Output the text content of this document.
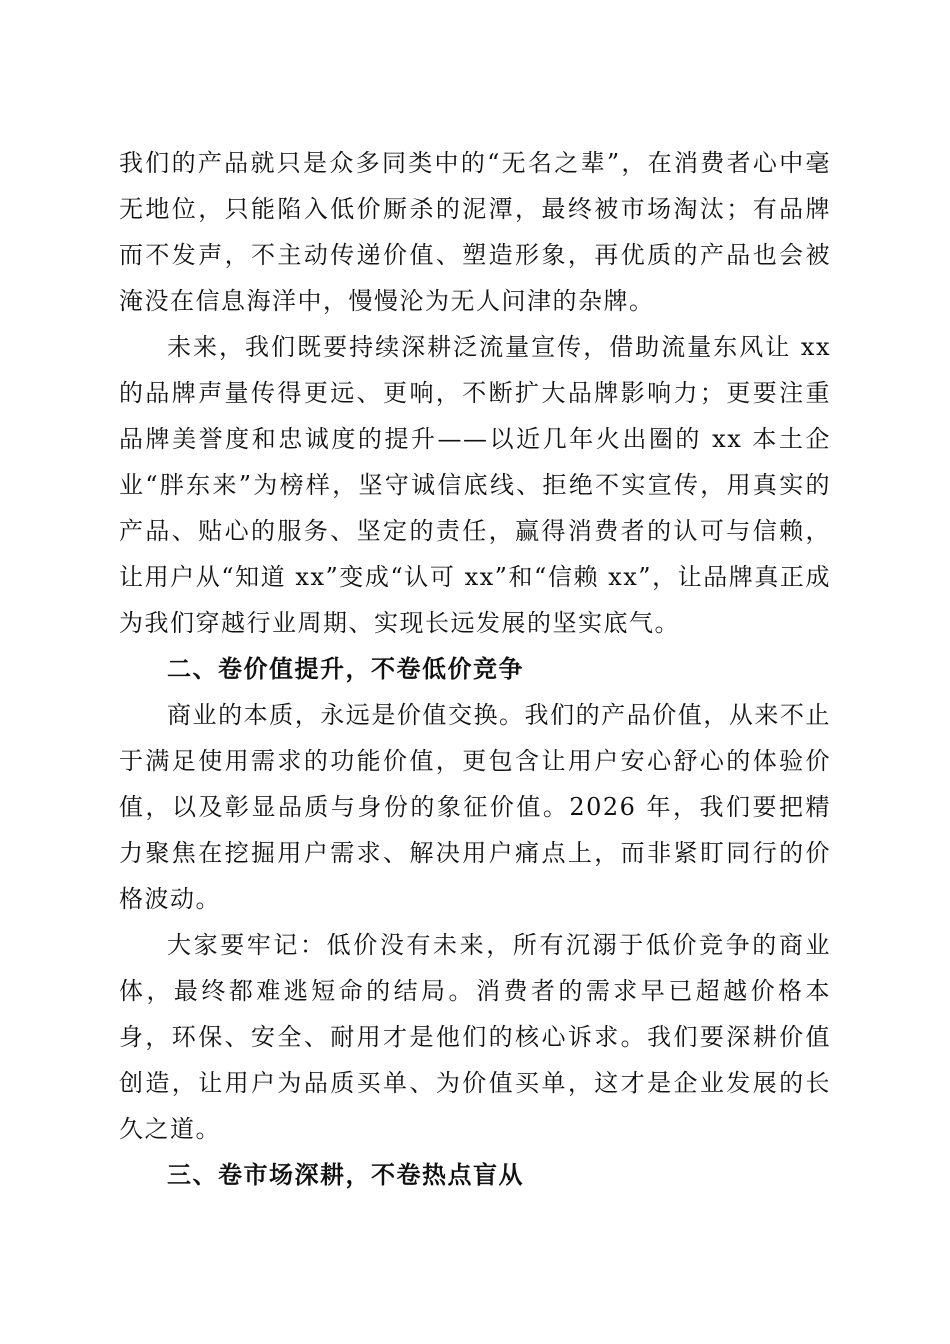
我们的产品就只是众多同类中的“无名之辈”，在消费者心中毫无地位，只能陷入低价厮杀的泥潭，最终被市场淘汰；有品牌而不发声，不主动传递价值、塑造形象，再优质的产品也会被淹没在信息海洋中，慢慢沦为无人问津的杂牌。

未来，我们既要持续深耕泛流量宣传，借助流量东风让 xx 的品牌声量传得更远、更响，不断扩大品牌影响力；更要注重品牌美誉度和忠诚度的提升——以近几年火出圈的 xx 本土企业“胖东来”为榜样，坚守诚信底线、拒绝不实宣传，用真实的产品、贴心的服务、坚定的责任，赢得消费者的认可与信赖，让用户从“知道 xx”变成“认可 xx”和“信赖 xx”，让品牌真正成为我们穿越行业周期、实现长远发展的坚实底气。

二、卷价值提升，不卷低价竞争

商业的本质，永远是价值交换。我们的产品价值，从来不止于满足使用需求的功能价值，更包含让用户安心舒心的体验价值，以及彰显品质与身份的象征价值。2026 年，我们要把精力聚焦在挖掘用户需求、解决用户痛点上，而非紧盯同行的价格波动。

大家要牢记：低价没有未来，所有沉溺于低价竞争的商业体，最终都难逃短命的结局。消费者的需求早已超越价格本身，环保、安全、耐用才是他们的核心诉求。我们要深耕价值创造，让用户为品质买单、为价值买单，这才是企业发展的长久之道。

三、卷市场深耕，不卷热点盲从
